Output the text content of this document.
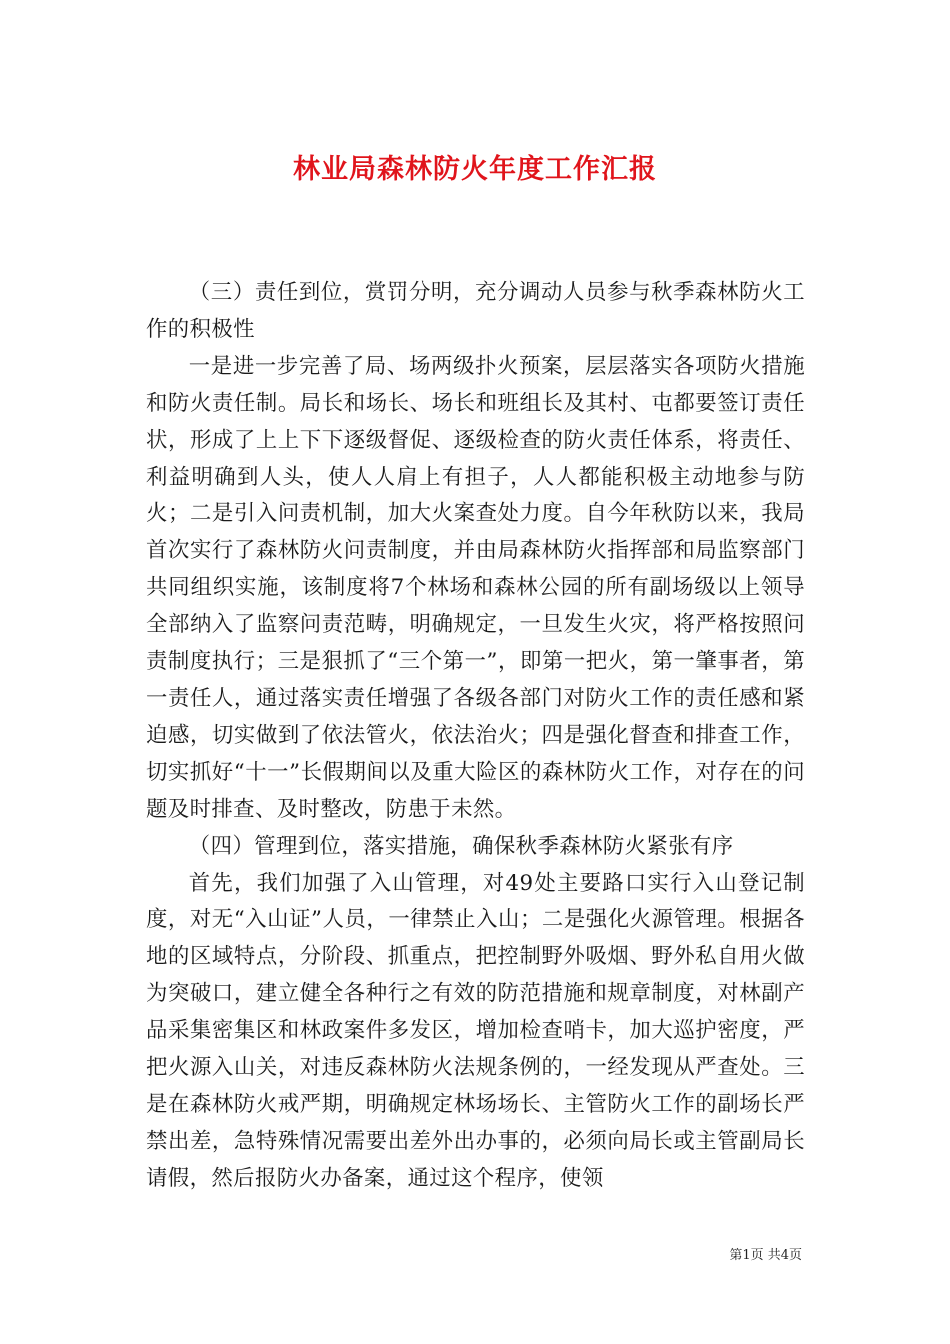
林业局森林防火年度工作汇报

（三）责任到位，赏罚分明，充分调动人员参与秋季森林防火工作的积极性

一是进一步完善了局、场两级扑火预案，层层落实各项防火措施和防火责任制。局长和场长、场长和班组长及其村、屯都要签订责任状，形成了上上下下逐级督促、逐级检查的防火责任体系，将责任、利益明确到人头，使人人肩上有担子，人人都能积极主动地参与防火；二是引入问责机制，加大火案查处力度。自今年秋防以来，我局首次实行了森林防火问责制度，并由局森林防火指挥部和局监察部门共同组织实施，该制度将7个林场和森林公园的所有副场级以上领导全部纳入了监察问责范畴，明确规定，一旦发生火灾，将严格按照问责制度执行；三是狠抓了“三个第一”，即第一把火，第一肇事者，第一责任人，通过落实责任增强了各级各部门对防火工作的责任感和紧迫感，切实做到了依法管火，依法治火；四是强化督查和排查工作，切实抓好“十一”长假期间以及重大险区的森林防火工作，对存在的问题及时排查、及时整改，防患于未然。

（四）管理到位，落实措施，确保秋季森林防火紧张有序

首先，我们加强了入山管理，对49处主要路口实行入山登记制度，对无“入山证”人员，一律禁止入山；二是强化火源管理。根据各地的区域特点，分阶段、抓重点，把控制野外吸烟、野外私自用火做为突破口，建立健全各种行之有效的防范措施和规章制度，对林副产品采集密集区和林政案件多发区，增加检查哨卡，加大巡护密度，严把火源入山关，对违反森林防火法规条例的，一经发现从严查处。三是在森林防火戒严期，明确规定林场场长、主管防火工作的副场长严禁出差，急特殊情况需要出差外出办事的，必须向局长或主管副局长请假，然后报防火办备案，通过这个程序，使领

第1页 共4页
